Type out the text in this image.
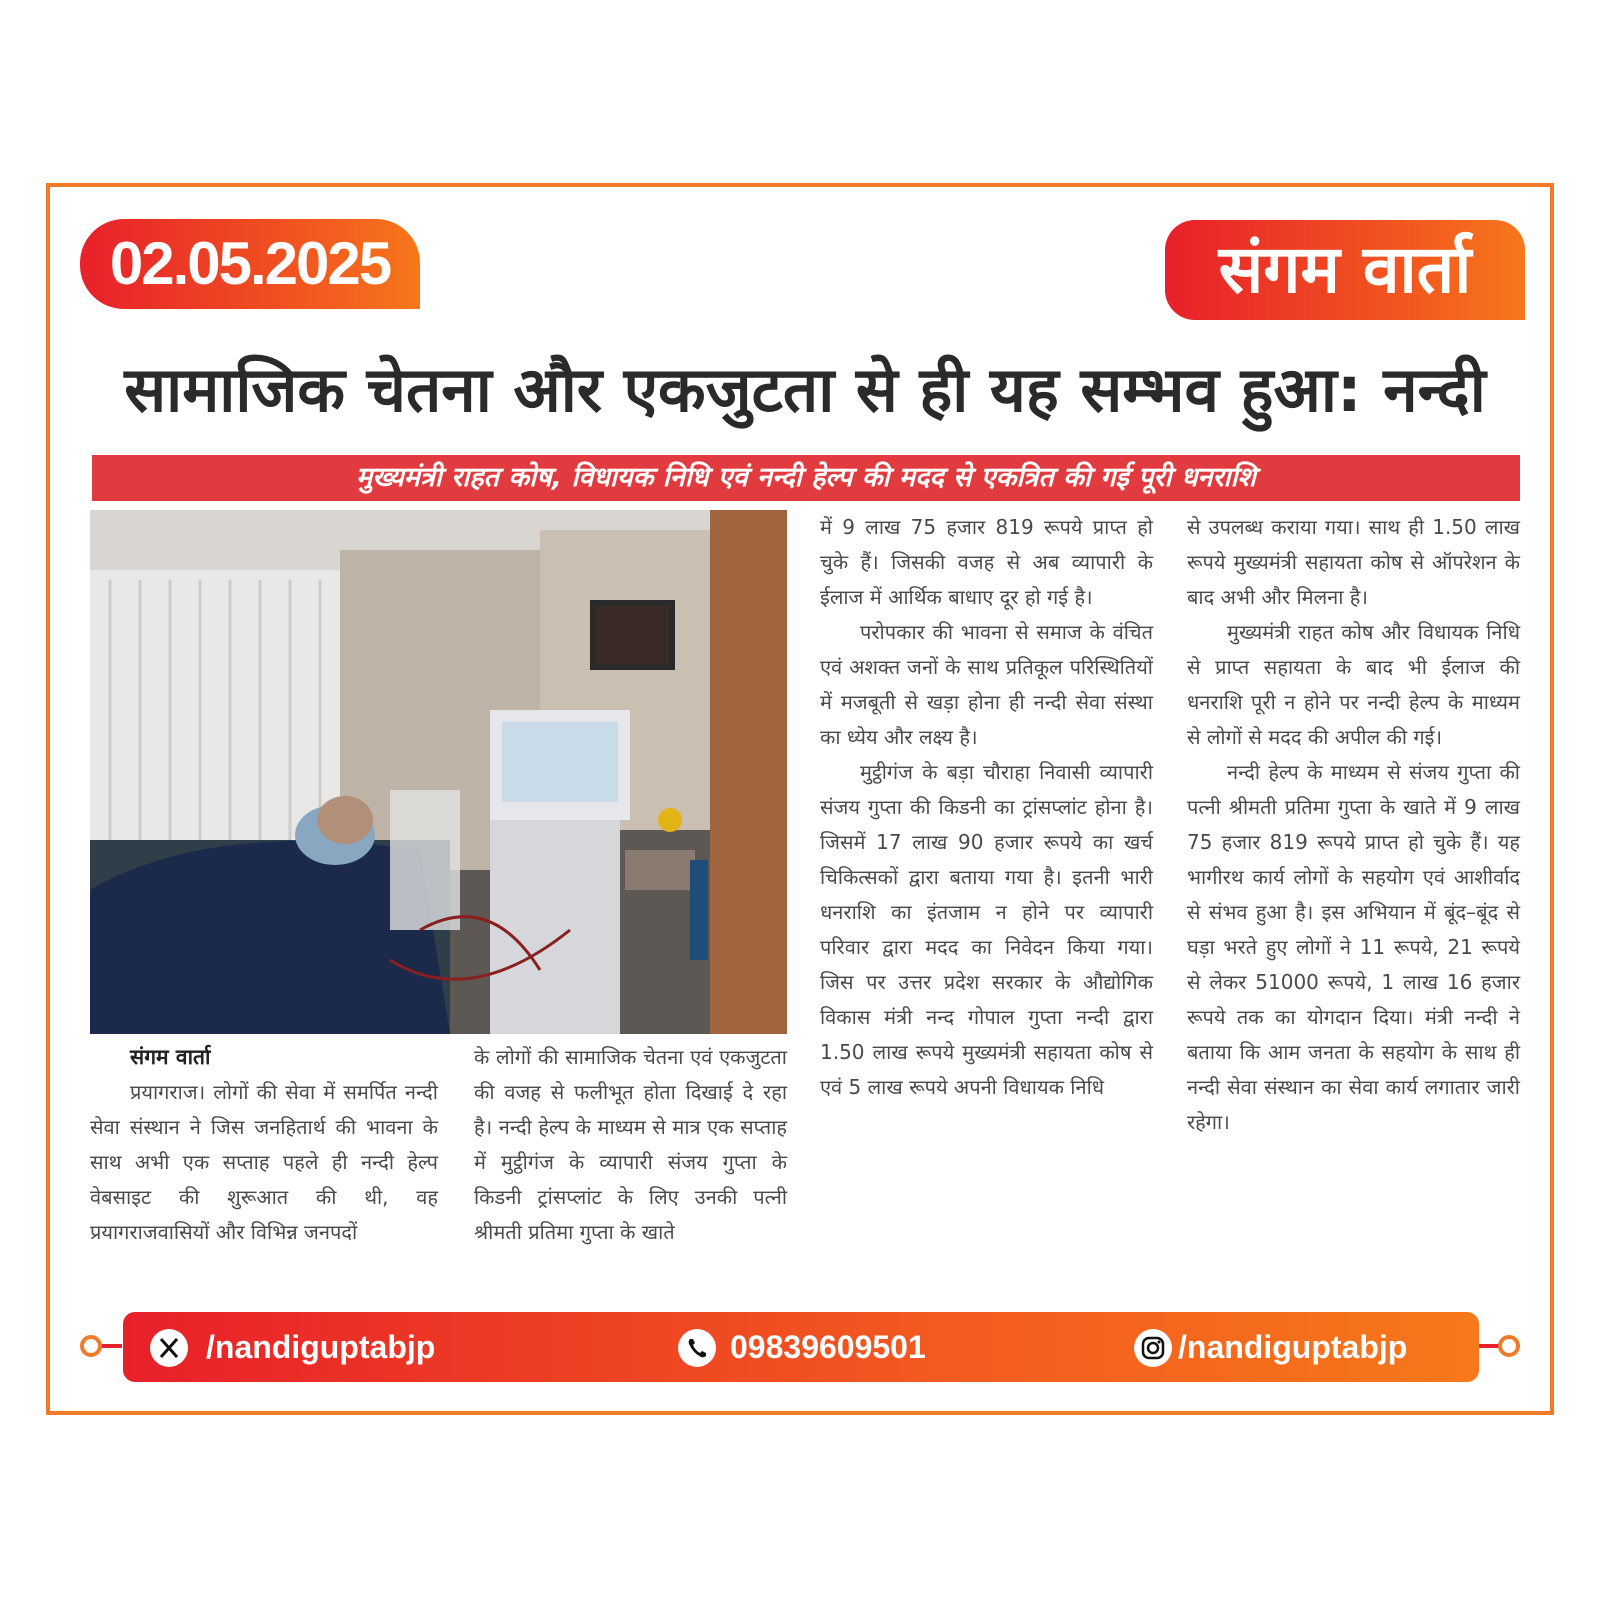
02.05.2025	संगम वार्ता
सामाजिक चेतना और एकजुटता से ही यह सम्भव हुआ: नन्दी
मुख्यमंत्री राहत कोष, विधायक निधि एवं नन्दी हेल्प की मदद से एकत्रित की गई पूरी धनराशि
संगम वार्ता

प्रयागराज। लोगों की सेवा में समर्पित नन्दी सेवा संस्थान ने जिस जनहितार्थ की भावना के साथ अभी एक सप्ताह पहले ही नन्दी हेल्प वेबसाइट की शुरूआत की थी, वह प्रयागराजवासियों और विभिन्न जनपदों

के लोगों की सामाजिक चेतना एवं एकजुटता की वजह से फलीभूत होता दिखाई दे रहा है। नन्दी हेल्प के माध्यम से मात्र एक सप्ताह में मुट्ठीगंज के व्यापारी संजय गुप्ता के किडनी ट्रांसप्लांट के लिए उनकी पत्नी श्रीमती प्रतिमा गुप्ता के खाते

में 9 लाख 75 हजार 819 रूपये प्राप्त हो चुके हैं। जिसकी वजह से अब व्यापारी के ईलाज में आर्थिक बाधाए दूर हो गई है।

परोपकार की भावना से समाज के वंचित एवं अशक्त जनों के साथ प्रतिकूल परिस्थितियों में मजबूती से खड़ा होना ही नन्दी सेवा संस्था का ध्येय और लक्ष्य है।

मुट्ठीगंज के बड़ा चौराहा निवासी व्यापारी संजय गुप्ता की किडनी का ट्रांसप्लांट होना है। जिसमें 17 लाख 90 हजार रूपये का खर्च चिकित्सकों द्वारा बताया गया है। इतनी भारी धनराशि का इंतजाम न होने पर व्यापारी परिवार द्वारा मदद का निवेदन किया गया। जिस पर उत्तर प्रदेश सरकार के औद्योगिक विकास मंत्री नन्द गोपाल गुप्ता नन्दी द्वारा 1.50 लाख रूपये मुख्यमंत्री सहायता कोष से एवं 5 लाख रूपये अपनी विधायक निधि

से उपलब्ध कराया गया। साथ ही 1.50 लाख रूपये मुख्यमंत्री सहायता कोष से ऑपरेशन के बाद अभी और मिलना है।

मुख्यमंत्री राहत कोष और विधायक निधि से प्राप्त सहायता के बाद भी ईलाज की धनराशि पूरी न होने पर नन्दी हेल्प के माध्यम से लोगों से मदद की अपील की गई।

नन्दी हेल्प के माध्यम से संजय गुप्ता की पत्नी श्रीमती प्रतिमा गुप्ता के खाते में 9 लाख 75 हजार 819 रूपये प्राप्त हो चुके हैं। यह भागीरथ कार्य लोगों के सहयोग एवं आशीर्वाद से संभव हुआ है। इस अभियान में बूंद–बूंद से घड़ा भरते हुए लोगों ने 11 रूपये, 21 रूपये से लेकर 51000 रूपये, 1 लाख 16 हजार रूपये तक का योगदान दिया। मंत्री नन्दी ने बताया कि आम जनता के सहयोग के साथ ही नन्दी सेवा संस्थान का सेवा कार्य लगातार जारी रहेगा।

/nandiguptabjp	09839609501	/nandiguptabjp
